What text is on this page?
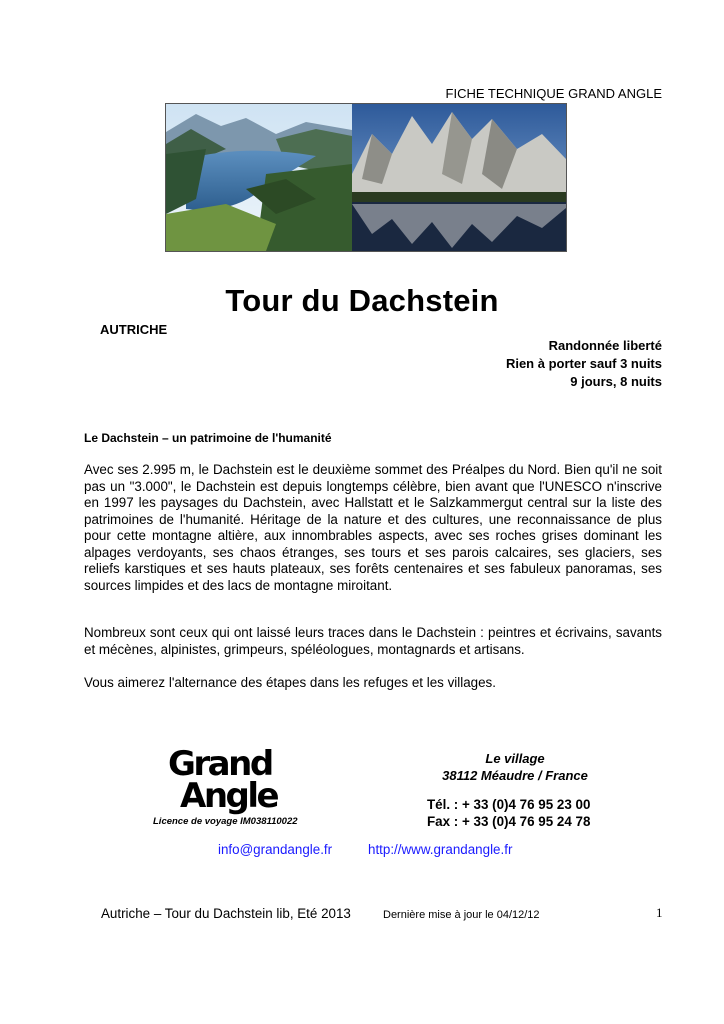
FICHE TECHNIQUE GRAND ANGLE
Tour du Dachstein
AUTRICHE
Randonnée liberté
Rien à porter sauf 3 nuits
9 jours, 8 nuits
Le Dachstein – un patrimoine de l'humanité
Avec ses 2.995 m, le Dachstein est le deuxième sommet des Préalpes du Nord. Bien qu'il ne soit pas un "3.000", le Dachstein est depuis longtemps célèbre, bien avant que l'UNESCO n'inscrive en 1997 les paysages du Dachstein, avec Hallstatt et le Salzkammergut central sur la liste des patrimoines de l'humanité. Héritage de la nature et des cultures, une reconnaissance de plus pour cette montagne altière, aux innombrables aspects, avec ses roches grises dominant les alpages verdoyants, ses chaos étranges, ses tours et ses parois calcaires, ses glaciers, ses reliefs karstiques et ses hauts plateaux, ses forêts centenaires et ses fabuleux panoramas, ses sources limpides et des lacs de montagne miroitant.
Nombreux sont ceux qui ont laissé leurs traces dans le Dachstein : peintres et écrivains, savants et mécènes, alpinistes, grimpeurs, spéléologues, montagnards et artisans.
Vous aimerez l'alternance des étapes dans les refuges et les villages.
Grand
Angle
Licence de voyage IM038110022
Le village
38112 Méaudre / France
Tél. : + 33 (0)4 76 95 23 00
Fax : + 33 (0)4 76 95 24 78
info@grandangle.fr	http://www.grandangle.fr
Autriche – Tour du Dachstein lib, Eté 2013	Dernière mise à jour le 04/12/12	1
